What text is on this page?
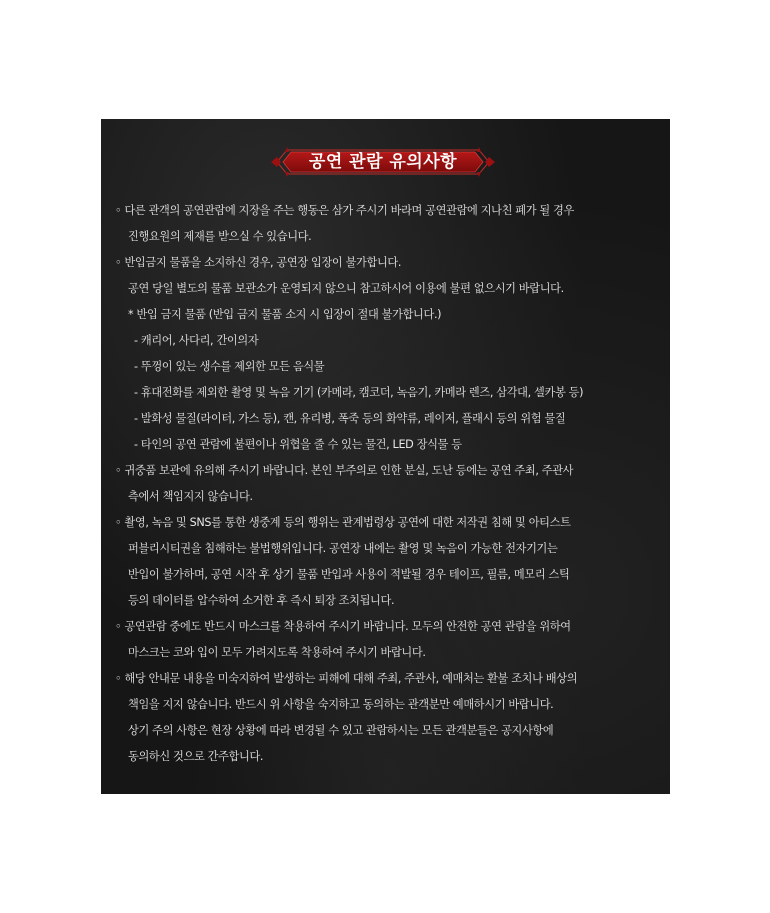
공연 관람 유의사항
◦ 다른 관객의 공연관람에 지장을 주는 행동은 삼가 주시기 바라며 공연관람에 지나친 폐가 될 경우
진행요원의 제재를 받으실 수 있습니다.
◦ 반입금지 물품을 소지하신 경우, 공연장 입장이 불가합니다.
공연 당일 별도의 물품 보관소가 운영되지 않으니 참고하시어 이용에 불편 없으시기 바랍니다.
* 반입 금지 물품 (반입 금지 물품 소지 시 입장이 절대 불가합니다.)
- 캐리어, 사다리, 간이의자
- 뚜껑이 있는 생수를 제외한 모든 음식물
- 휴대전화를 제외한 촬영 및 녹음 기기 (카메라, 캠코더, 녹음기, 카메라 렌즈, 삼각대, 셀카봉 등)
- 발화성 물질(라이터, 가스 등), 캔, 유리병, 폭죽 등의 화약류, 레이저, 플래시 등의 위험 물질
- 타인의 공연 관람에 불편이나 위협을 줄 수 있는 물건, LED 장식물 등
◦ 귀중품 보관에 유의해 주시기 바랍니다. 본인 부주의로 인한 분실, 도난 등에는 공연 주최, 주관사
측에서 책임지지 않습니다.
◦ 촬영, 녹음 및 SNS를 통한 생중계 등의 행위는 관계법령상 공연에 대한 저작권 침해 및 아티스트
퍼블리시티권을 침해하는 불법행위입니다. 공연장 내에는 촬영 및 녹음이 가능한 전자기기는
반입이 불가하며, 공연 시작 후 상기 물품 반입과 사용이 적발될 경우 테이프, 필름, 메모리 스틱
등의 데이터를 압수하여 소거한 후 즉시 퇴장 조치됩니다.
◦ 공연관람 중에도 반드시 마스크를 착용하여 주시기 바랍니다. 모두의 안전한 공연 관람을 위하여
마스크는 코와 입이 모두 가려지도록 착용하여 주시기 바랍니다.
◦ 해당 안내문 내용을 미숙지하여 발생하는 피해에 대해 주최, 주관사, 예매처는 환불 조치나 배상의
책임을 지지 않습니다. 반드시 위 사항을 숙지하고 동의하는 관객분만 예매하시기 바랍니다.
상기 주의 사항은 현장 상황에 따라 변경될 수 있고 관람하시는 모든 관객분들은 공지사항에
동의하신 것으로 간주합니다.
